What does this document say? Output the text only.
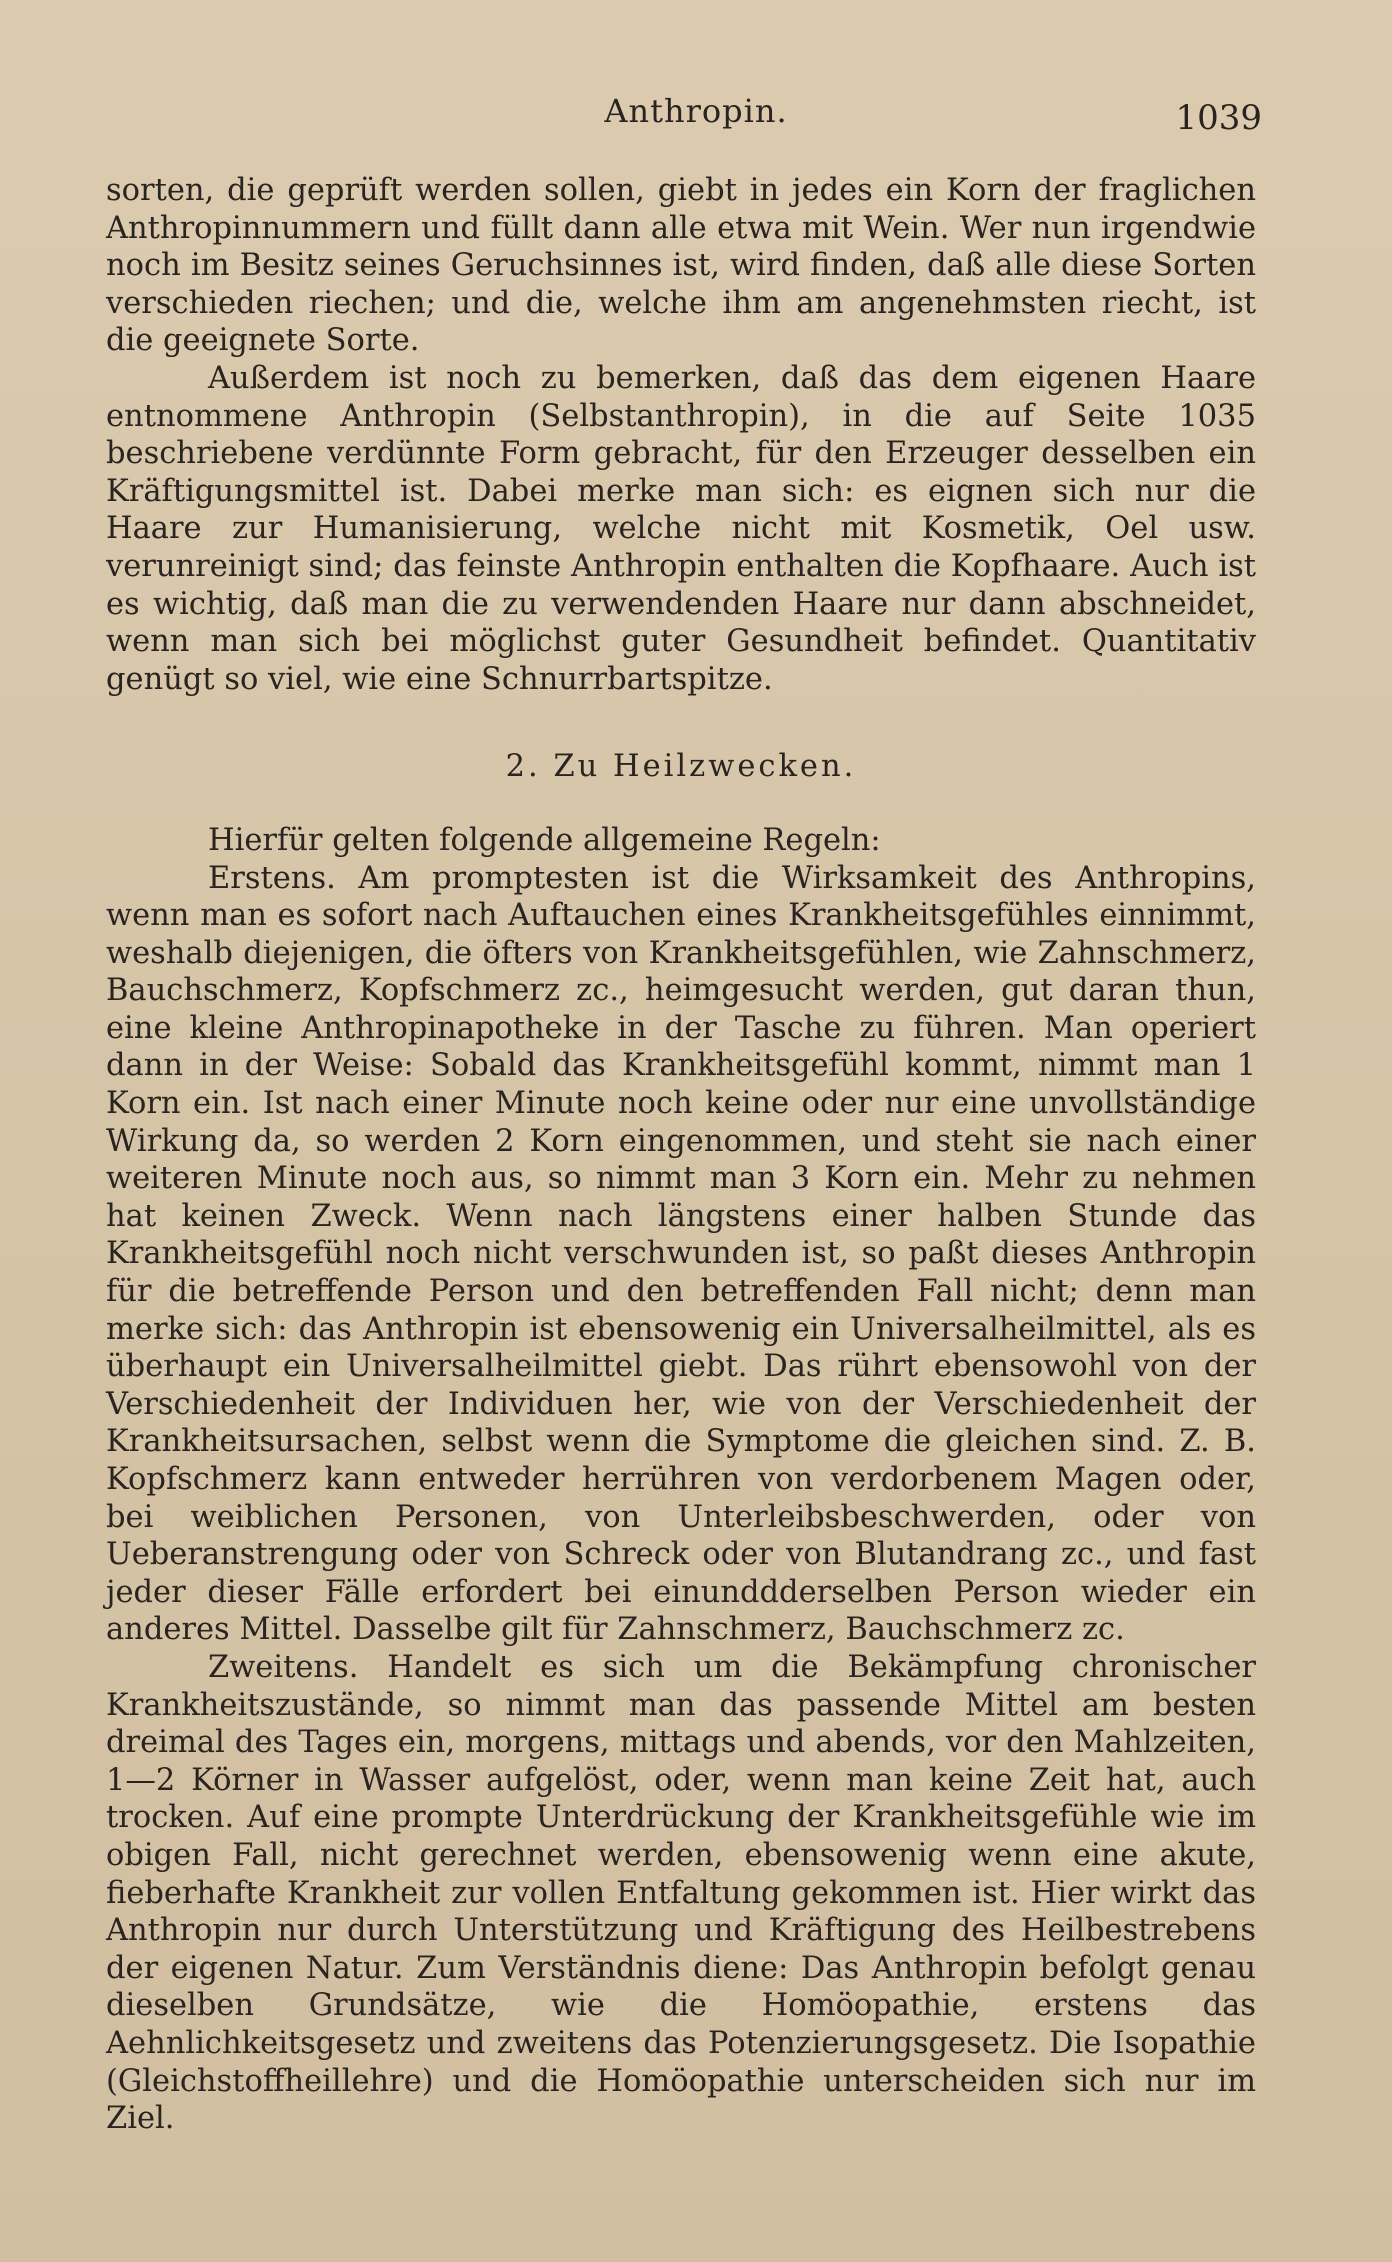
Anthropin.	1039

sorten, die geprüft werden sollen, giebt in jedes ein Korn der fraglichen Anthropinnummern und füllt dann alle etwa mit Wein. Wer nun irgendwie noch im Besitz seines Geruchsinnes ist, wird finden, daß alle diese Sorten verschieden riechen; und die, welche ihm am angenehmsten riecht, ist die geeignete Sorte.

Außerdem ist noch zu bemerken, daß das dem eigenen Haare entnommene Anthropin (Selbstanthropin), in die auf Seite 1035 beschriebene verdünnte Form gebracht, für den Erzeuger desselben ein Kräftigungsmittel ist. Dabei merke man sich: es eignen sich nur die Haare zur Humanisierung, welche nicht mit Kosmetik, Oel usw. verunreinigt sind; das feinste Anthropin enthalten die Kopfhaare. Auch ist es wichtig, daß man die zu verwendenden Haare nur dann abschneidet, wenn man sich bei möglichst guter Gesundheit befindet. Quantitativ genügt so viel, wie eine Schnurrbartspitze.

2. Zu Heilzwecken.

Hierfür gelten folgende allgemeine Regeln:

Erstens. Am promptesten ist die Wirksamkeit des Anthropins, wenn man es sofort nach Auftauchen eines Krankheitsgefühles einnimmt, weshalb diejenigen, die öfters von Krankheitsgefühlen, wie Zahnschmerz, Bauchschmerz, Kopfschmerz zc., heimgesucht werden, gut daran thun, eine kleine Anthropinapotheke in der Tasche zu führen. Man operiert dann in der Weise: Sobald das Krankheitsgefühl kommt, nimmt man 1 Korn ein. Ist nach einer Minute noch keine oder nur eine unvollständige Wirkung da, so werden 2 Korn eingenommen, und steht sie nach einer weiteren Minute noch aus, so nimmt man 3 Korn ein. Mehr zu nehmen hat keinen Zweck. Wenn nach längstens einer halben Stunde das Krankheitsgefühl noch nicht verschwunden ist, so paßt dieses Anthropin für die betreffende Person und den betreffenden Fall nicht; denn man merke sich: das Anthropin ist ebensowenig ein Universalheilmittel, als es überhaupt ein Universalheilmittel giebt. Das rührt ebensowohl von der Verschiedenheit der Individuen her, wie von der Verschiedenheit der Krankheitsursachen, selbst wenn die Symptome die gleichen sind. Z. B. Kopfschmerz kann entweder herrühren von verdorbenem Magen oder, bei weiblichen Personen, von Unterleibsbeschwerden, oder von Ueberanstrengung oder von Schreck oder von Blutandrang zc., und fast jeder dieser Fälle erfordert bei einunddderselben Person wieder ein anderes Mittel. Dasselbe gilt für Zahnschmerz, Bauchschmerz zc.

Zweitens. Handelt es sich um die Bekämpfung chronischer Krankheitszustände, so nimmt man das passende Mittel am besten dreimal des Tages ein, morgens, mittags und abends, vor den Mahlzeiten, 1—2 Körner in Wasser aufgelöst, oder, wenn man keine Zeit hat, auch trocken. Auf eine prompte Unterdrückung der Krankheitsgefühle wie im obigen Fall, nicht gerechnet werden, ebensowenig wenn eine akute, fieberhafte Krankheit zur vollen Entfaltung gekommen ist. Hier wirkt das Anthropin nur durch Unterstützung und Kräftigung des Heilbestrebens der eigenen Natur. Zum Verständnis diene: Das Anthropin befolgt genau dieselben Grundsätze, wie die Homöopathie, erstens das Aehnlichkeitsgesetz und zweitens das Potenzierungsgesetz. Die Isopathie (Gleichstoffheillehre) und die Homöopathie unterscheiden sich nur im Ziel.
